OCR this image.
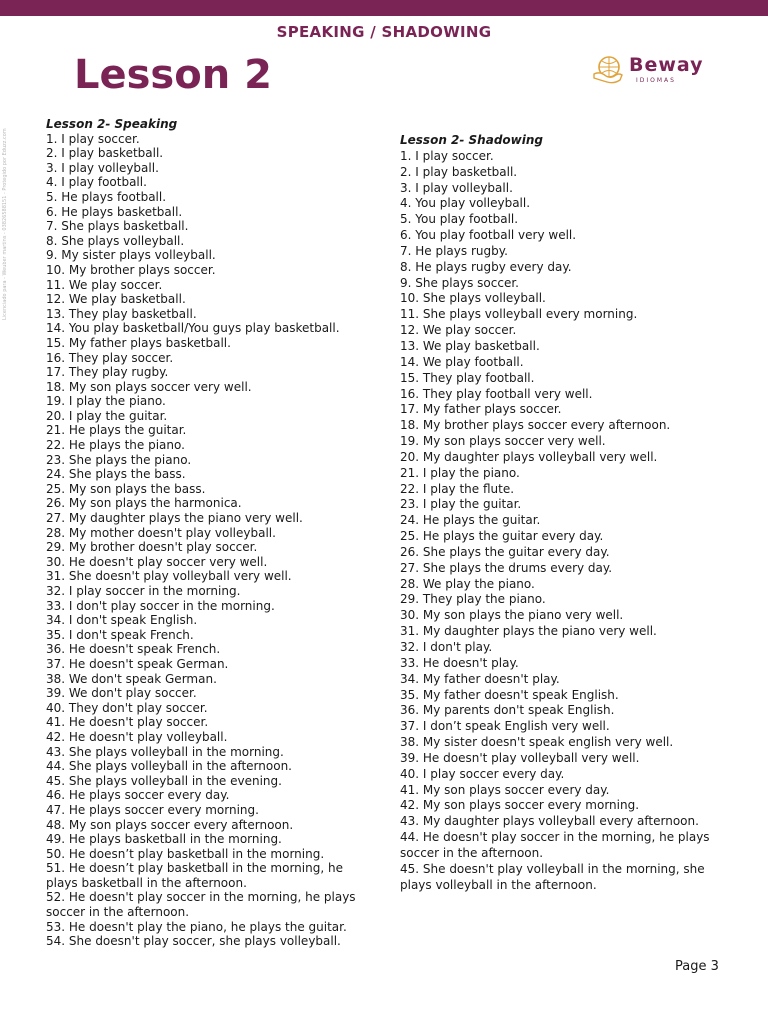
Licenciado para - Weuber martins - 03826588151 - Protegido por Eduzz.com
SPEAKING / SHADOWING
Lesson 2	Beway
IDIOMAS
Lesson 2- Speaking
1. I play soccer.
2. I play basketball.
3. I play volleyball.
4. I play football.
5. He plays football.
6. He plays basketball.
7. She plays basketball.
8. She plays volleyball.
9. My sister plays volleyball.
10. My brother plays soccer.
11. We play soccer.
12. We play basketball.
13. They play basketball.
14. You play basketball/You guys play basketball.
15. My father plays basketball.
16. They play soccer.
17. They play rugby.
18. My son plays soccer very well.
19. I play the piano.
20. I play the guitar.
21. He plays the guitar.
22. He plays the piano.
23. She plays the piano.
24. She plays the bass.
25. My son plays the bass.
26. My son plays the harmonica.
27. My daughter plays the piano very well.
28. My mother doesn't play volleyball.
29. My brother doesn't play soccer.
30. He doesn't play soccer very well.
31. She doesn't play volleyball very well.
32. I play soccer in the morning.
33. I don't play soccer in the morning.
34. I don't speak English.
35. I don't speak French.
36. He doesn't speak French.
37. He doesn't speak German.
38. We don't speak German.
39. We don't play soccer.
40. They don't play soccer.
41. He doesn't play soccer.
42. He doesn't play volleyball.
43. She plays volleyball in the morning.
44. She plays volleyball in the afternoon.
45. She plays volleyball in the evening.
46. He plays soccer every day.
47. He plays soccer every morning.
48. My son plays soccer every afternoon.
49. He plays basketball in the morning.
50. He doesn’t play basketball in the morning.
51. He doesn’t play basketball in the morning, he plays basketball in the afternoon.
52. He doesn't play soccer in the morning, he plays soccer in the afternoon.
53. He doesn't play the piano, he plays the guitar.
54. She doesn't play soccer, she plays volleyball.
Lesson 2- Shadowing
1. I play soccer.
2. I play basketball.
3. I play volleyball.
4. You play volleyball.
5. You play football.
6. You play football very well.
7. He plays rugby.
8. He plays rugby every day.
9. She plays soccer.
10. She plays volleyball.
11. She plays volleyball every morning.
12. We play soccer.
13. We play basketball.
14. We play football.
15. They play football.
16. They play football very well.
17. My father plays soccer.
18. My brother plays soccer every afternoon.
19. My son plays soccer very well.
20. My daughter plays volleyball very well.
21. I play the piano.
22. I play the flute.
23. I play the guitar.
24. He plays the guitar.
25. He plays the guitar every day.
26. She plays the guitar every day.
27. She plays the drums every day.
28. We play the piano.
29. They play the piano.
30. My son plays the piano very well.
31. My daughter plays the piano very well.
32. I don't play.
33. He doesn't play.
34. My father doesn't play.
35. My father doesn't speak English.
36. My parents don't speak English.
37. I don’t speak English very well.
38. My sister doesn't speak english very well.
39. He doesn't play volleyball very well.
40. I play soccer every day.
41. My son plays soccer every day.
42. My son plays soccer every morning.
43. My daughter plays volleyball every afternoon.
44. He doesn't play soccer in the morning, he plays soccer in the afternoon.
45. She doesn't play volleyball in the morning, she plays volleyball in the afternoon.
Page 3
